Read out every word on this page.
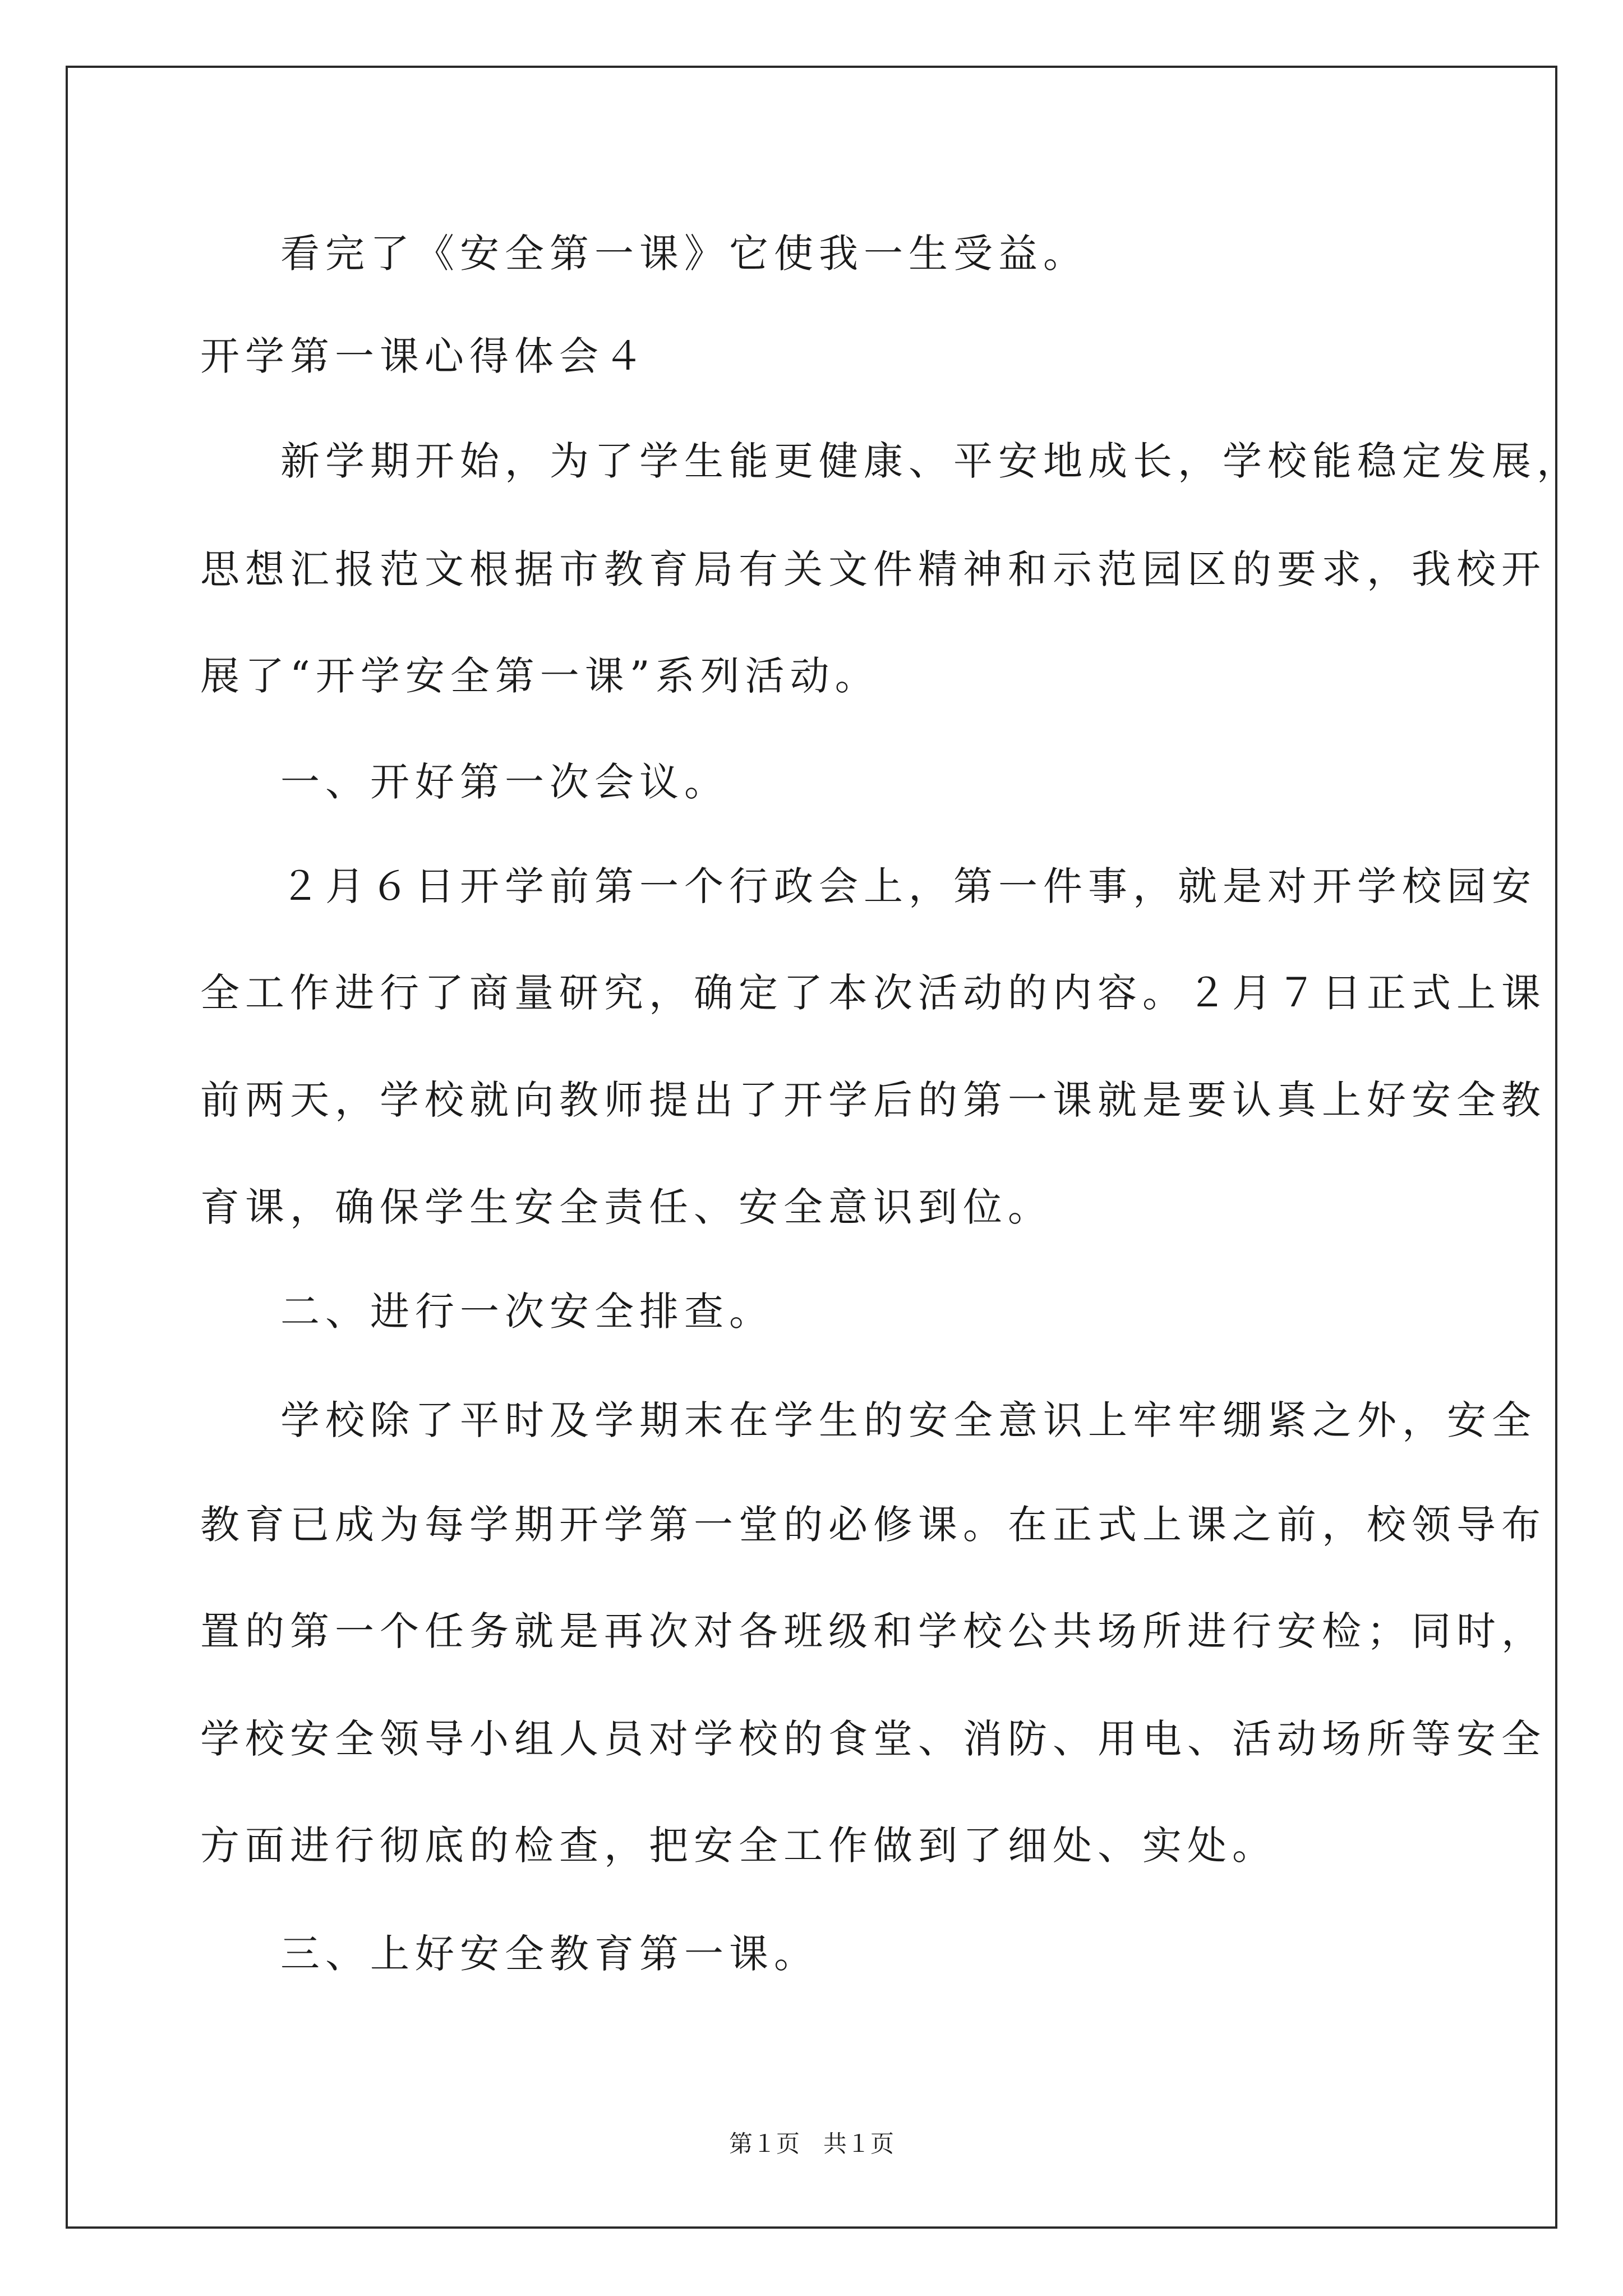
看完了《安全第一课》它使我一生受益。
开学第一课心得体会４
新学期开始，为了学生能更健康、平安地成长，学校能稳定发展，
思想汇报范文根据市教育局有关文件精神和示范园区的要求，我校开
展了“开学安全第一课”系列活动。
一、开好第一次会议。
２月６日开学前第一个行政会上，第一件事，就是对开学校园安
全工作进行了商量研究，确定了本次活动的内容。２月７日正式上课
前两天，学校就向教师提出了开学后的第一课就是要认真上好安全教
育课，确保学生安全责任、安全意识到位。
二、进行一次安全排查。
学校除了平时及学期末在学生的安全意识上牢牢绷紧之外，安全
教育已成为每学期开学第一堂的必修课。在正式上课之前，校领导布
置的第一个任务就是再次对各班级和学校公共场所进行安检；同时，
学校安全领导小组人员对学校的食堂、消防、用电、活动场所等安全
方面进行彻底的检查，把安全工作做到了细处、实处。
三、上好安全教育第一课。
第１页　共１页
